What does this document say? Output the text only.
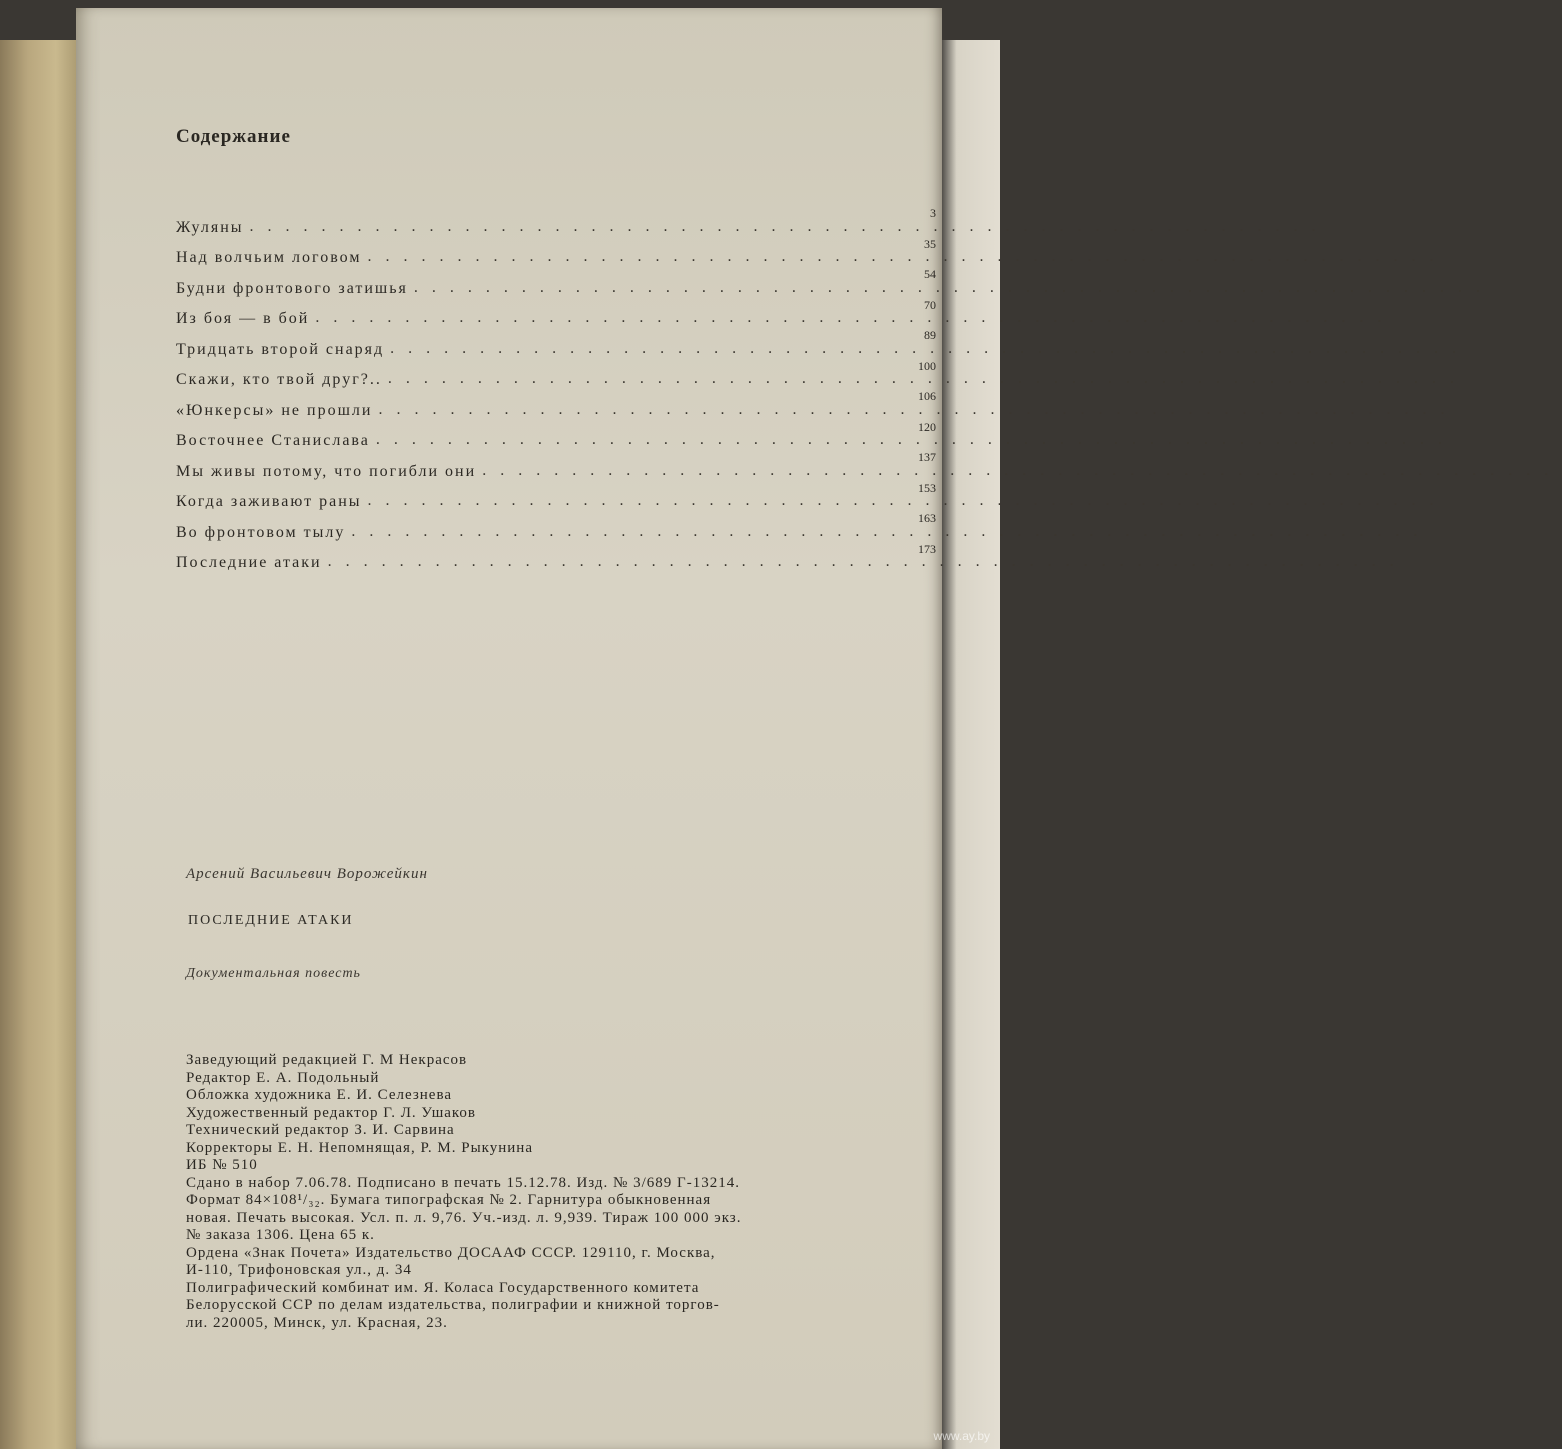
Содержание
Жуляны ............................................................
3
Над волчьим логовом ............................................................
35
Будни фронтового затишья ............................................................
54
Из боя — в бой ............................................................
70
Тридцать второй снаряд ............................................................
89
Скажи, кто твой друг?.. ............................................................
100
«Юнкерсы» не прошли ............................................................
106
Восточнее Станислава ............................................................
120
Мы живы потому, что погибли они ............................................................
137
Когда заживают раны ............................................................
153
Во фронтовом тылу ............................................................
163
Последние атаки ............................................................
173
Арсений Васильевич Ворожейкин
ПОСЛЕДНИЕ АТАКИ
Документальная повесть
Заведующий редакцией Г. М Некрасов
Редактор Е. А. Подольный
Обложка художника Е. И. Селезнева
Художественный редактор Г. Л. Ушаков
Технический редактор З. И. Сарвина
Корректоры Е. Н. Непомнящая, Р. М. Рыкунина
ИБ № 510
Сдано в набор 7.06.78. Подписано в печать 15.12.78. Изд. № 3/689 Г-13214.
Формат 84×108¹/₃₂. Бумага типографская № 2. Гарнитура обыкновенная
новая. Печать высокая. Усл. п. л. 9,76. Уч.-изд. л. 9,939. Тираж 100 000 экз.
№ заказа 1306. Цена 65 к.
Ордена «Знак Почета» Издательство ДОСААФ СССР. 129110, г. Москва,
И-110, Трифоновская ул., д. 34
Полиграфический комбинат им. Я. Коласа Государственного комитета
Белорусской ССР по делам издательства, полиграфии и книжной торгов-
ли. 220005, Минск, ул. Красная, 23.
www.ay.by
